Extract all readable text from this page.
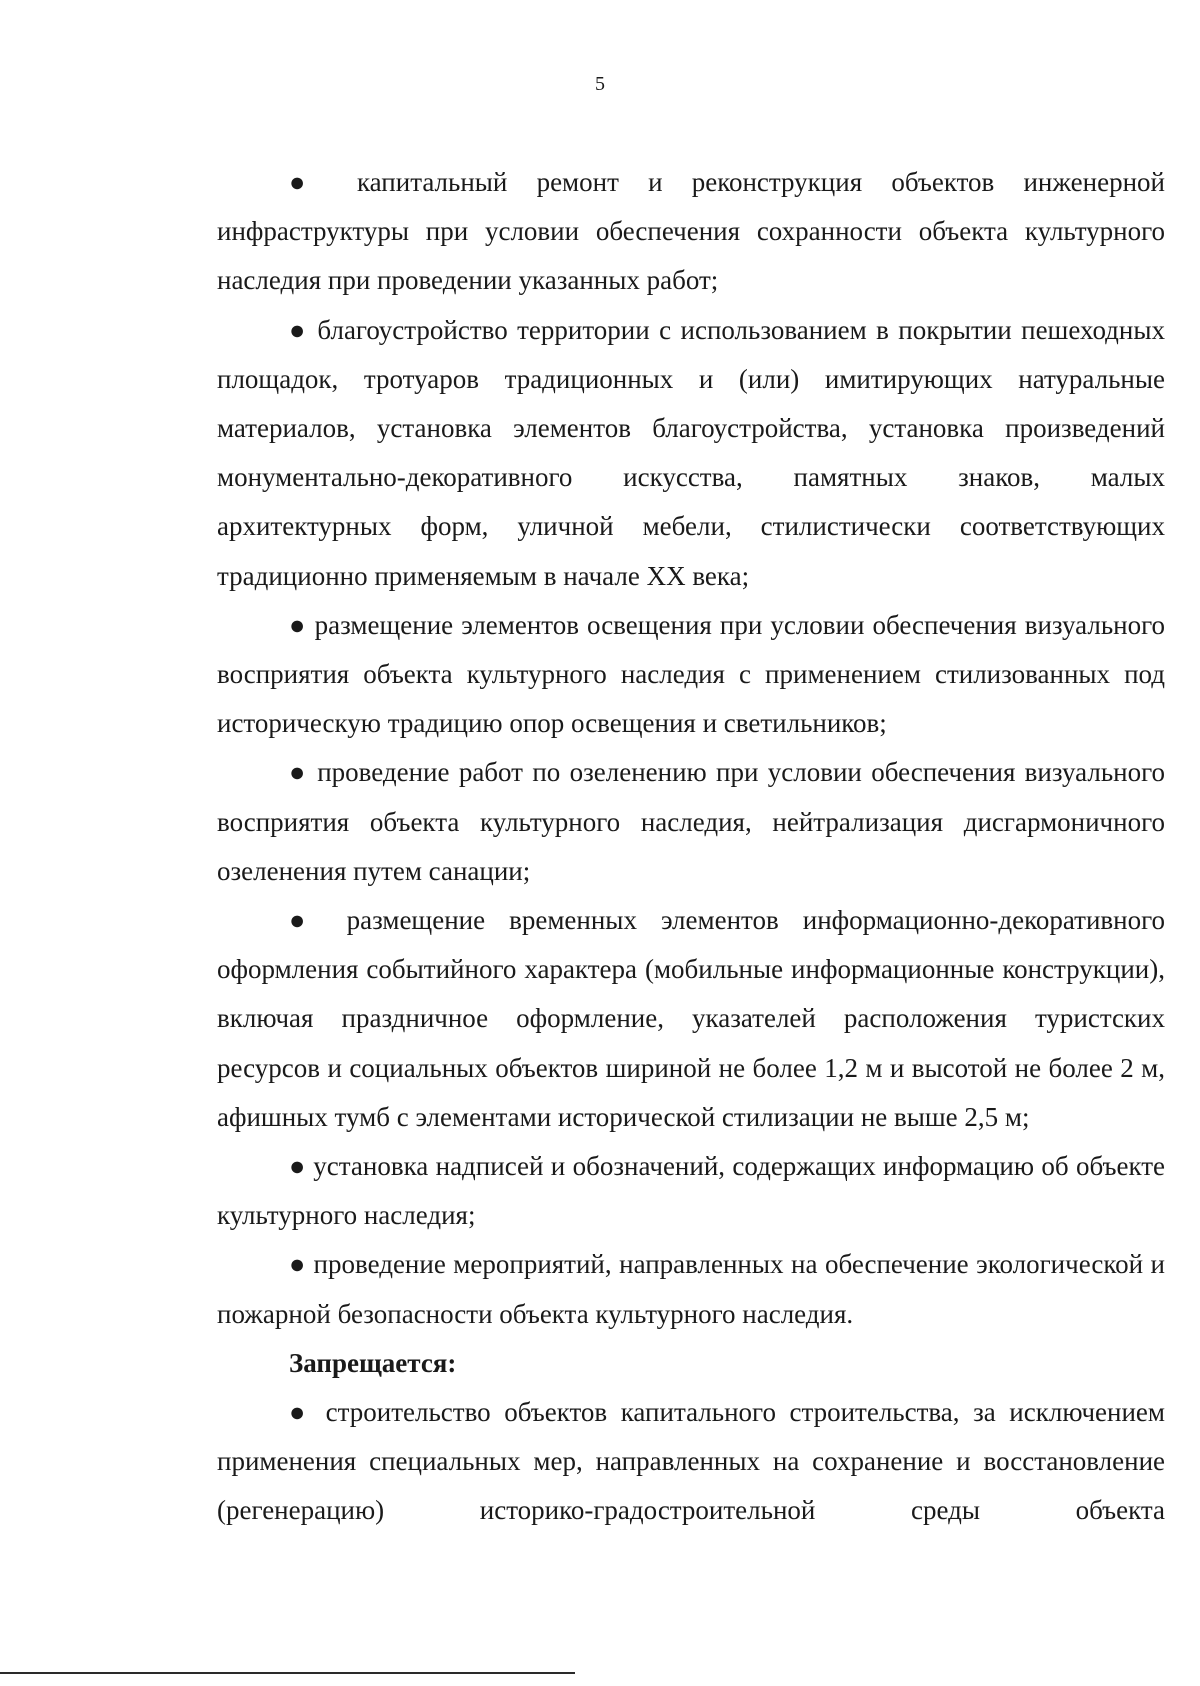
5

● капитальный ремонт и реконструкция объектов инженерной инфраструктуры при условии обеспечения сохранности объекта культурного наследия при проведении указанных работ;

● благоустройство территории с использованием в покрытии пешеходных площадок, тротуаров традиционных и (или) имитирующих натуральные материалов, установка элементов благоустройства, установка произведений монументально-декоративного искусства, памятных знаков, малых архитектурных форм, уличной мебели, стилистически соответствующих традиционно применяемым в начале XX века;

● размещение элементов освещения при условии обеспечения визуального восприятия объекта культурного наследия с применением стилизованных под историческую традицию опор освещения и светильников;

● проведение работ по озеленению при условии обеспечения визуального восприятия объекта культурного наследия, нейтрализация дисгармоничного озеленения путем санации;

● размещение временных элементов информационно-декоративного оформления событийного характера (мобильные информационные конструкции), включая праздничное оформление, указателей расположения туристских ресурсов и социальных объектов шириной не более 1,2 м и высотой не более 2 м, афишных тумб с элементами исторической стилизации не выше 2,5 м;

● установка надписей и обозначений, содержащих информацию об объекте культурного наследия;

● проведение мероприятий, направленных на обеспечение экологической и пожарной безопасности объекта культурного наследия.

Запрещается:

● строительство объектов капитального строительства, за исключением применения специальных мер, направленных на сохранение и восстановление (регенерацию) историко-градостроительной среды объекта
